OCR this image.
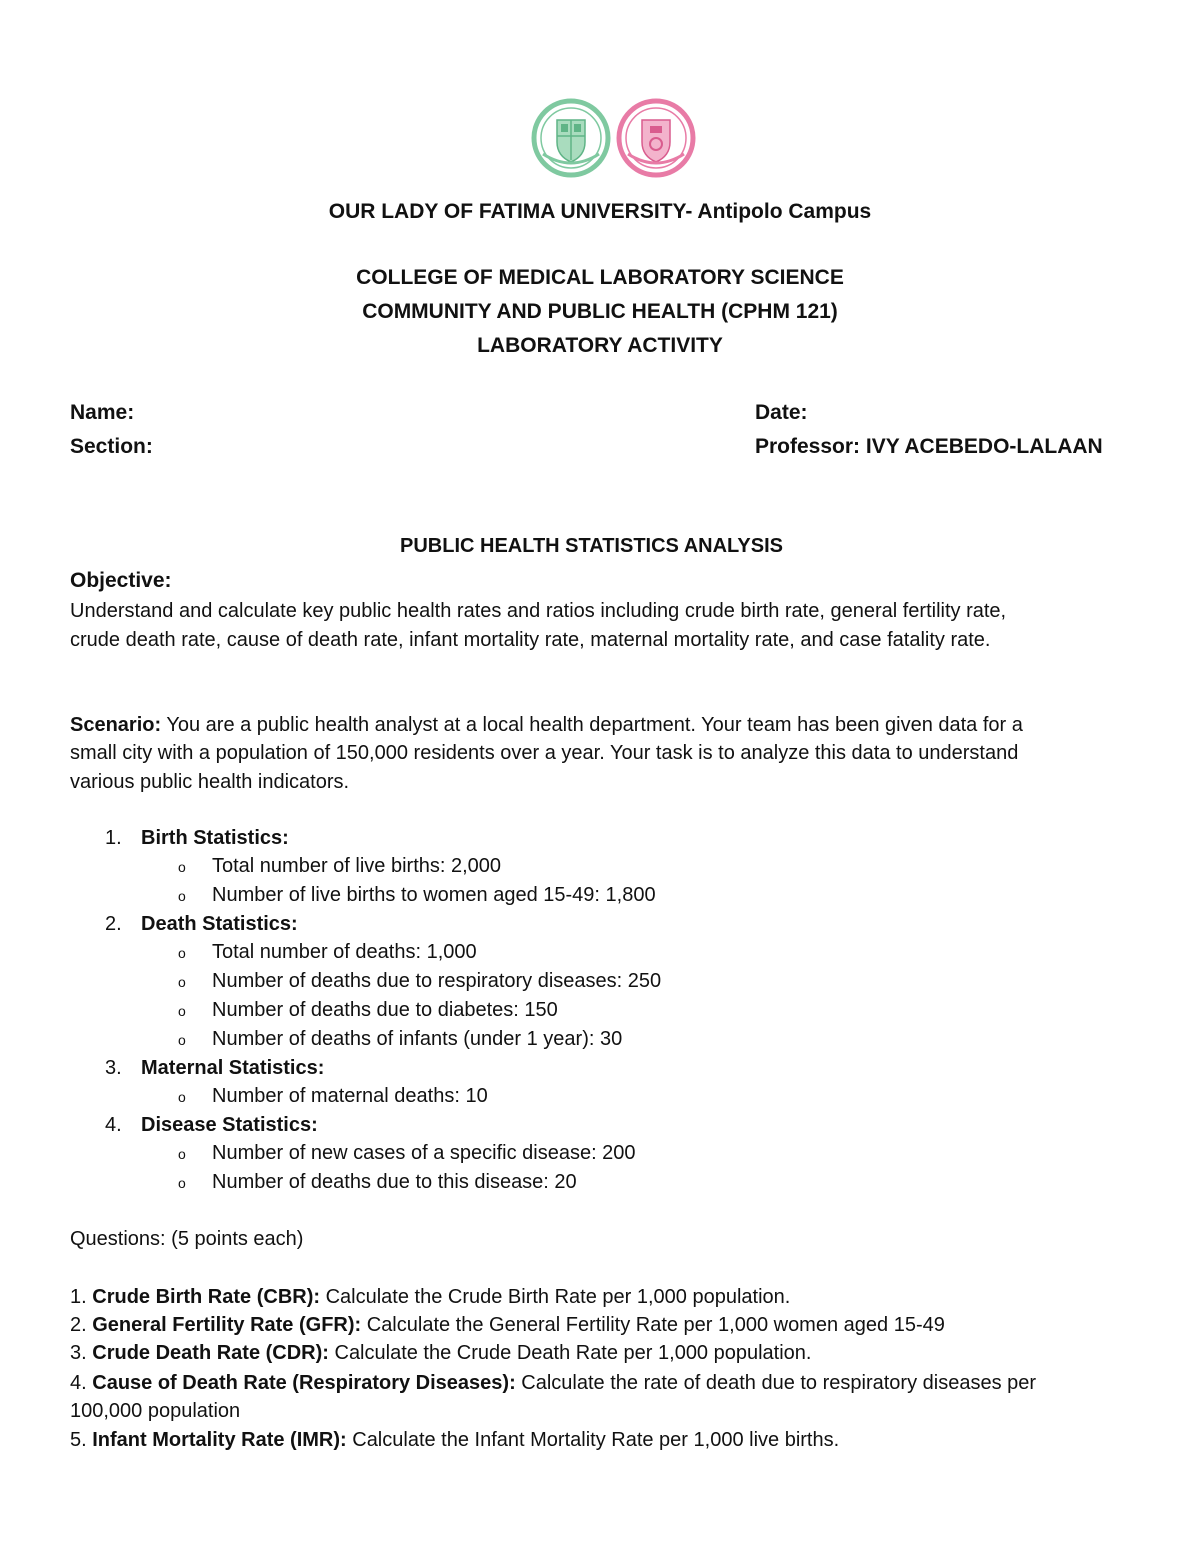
OUR LADY OF FATIMA UNIVERSITY- Antipolo Campus
COLLEGE OF MEDICAL LABORATORY SCIENCE
COMMUNITY AND PUBLIC HEALTH (CPHM 121)
LABORATORY ACTIVITY
Name:
Section:
Date:
Professor: IVY ACEBEDO-LALAAN
PUBLIC HEALTH STATISTICS ANALYSIS
Objective:
Understand and calculate key public health rates and ratios including crude birth rate, general fertility rate,
crude death rate, cause of death rate, infant mortality rate, maternal mortality rate, and case fatality rate.
Scenario: You are a public health analyst at a local health department. Your team has been given data for a
small city with a population of 150,000 residents over a year. Your task is to analyze this data to understand
various public health indicators.
1. Birth Statistics:
o Total number of live births: 2,000
o Number of live births to women aged 15-49: 1,800
2. Death Statistics:
o Total number of deaths: 1,000
o Number of deaths due to respiratory diseases: 250
o Number of deaths due to diabetes: 150
o Number of deaths of infants (under 1 year): 30
3. Maternal Statistics:
o Number of maternal deaths: 10
4. Disease Statistics:
o Number of new cases of a specific disease: 200
o Number of deaths due to this disease: 20
Questions: (5 points each)
1. Crude Birth Rate (CBR): Calculate the Crude Birth Rate per 1,000 population.
2. General Fertility Rate (GFR): Calculate the General Fertility Rate per 1,000 women aged 15-49
3. Crude Death Rate (CDR): Calculate the Crude Death Rate per 1,000 population.
4. Cause of Death Rate (Respiratory Diseases): Calculate the rate of death due to respiratory diseases per
100,000 population
5. Infant Mortality Rate (IMR): Calculate the Infant Mortality Rate per 1,000 live births.
